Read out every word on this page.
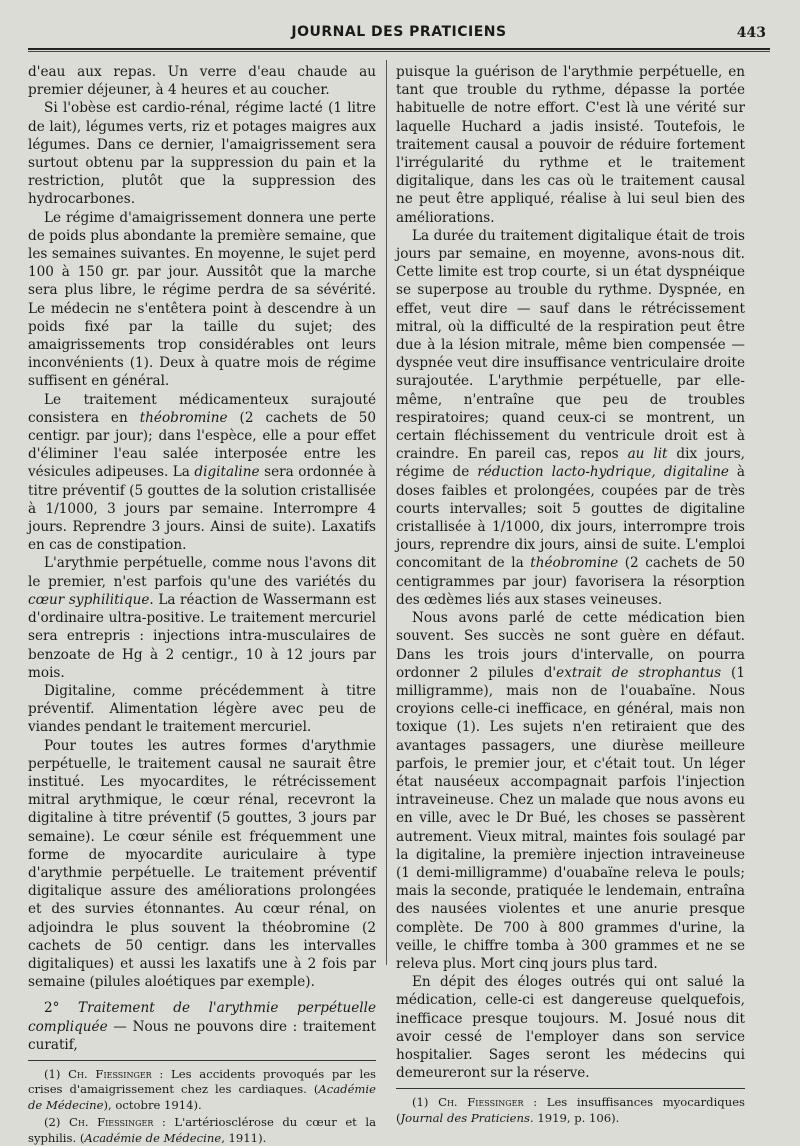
JOURNAL DES PRATICIENS	443

d'eau aux repas. Un verre d'eau chaude au premier déjeuner, à 4 heures et au coucher.

Si l'obèse est cardio-rénal, régime lacté (1 litre de lait), légumes verts, riz et potages maigres aux légumes. Dans ce dernier, l'amaigrissement sera surtout obtenu par la suppression du pain et la restriction, plutôt que la suppression des hydrocarbones.

Le régime d'amaigrissement donnera une perte de poids plus abondante la première semaine, que les semaines suivantes. En moyenne, le sujet perd 100 à 150 gr. par jour. Aussitôt que la marche sera plus libre, le régime perdra de sa sévérité. Le médecin ne s'entêtera point à descendre à un poids fixé par la taille du sujet; des amaigrissements trop considérables ont leurs inconvénients (1). Deux à quatre mois de régime suffisent en général.

Le traitement médicamenteux surajouté consistera en théobromine (2 cachets de 50 centigr. par jour); dans l'espèce, elle a pour effet d'éliminer l'eau salée interposée entre les vésicules adipeuses. La digitaline sera ordonnée à titre préventif (5 gouttes de la solution cristallisée à 1/1000, 3 jours par semaine. Interrompre 4 jours. Reprendre 3 jours. Ainsi de suite). Laxatifs en cas de constipation.

L'arythmie perpétuelle, comme nous l'avons dit le premier, n'est parfois qu'une des variétés du cœur syphilitique. La réaction de Wassermann est d'ordinaire ultra-positive. Le traitement mercuriel sera entrepris : injections intra-musculaires de benzoate de Hg à 2 centigr., 10 à 12 jours par mois.

Digitaline, comme précédemment à titre préventif. Alimentation légère avec peu de viandes pendant le traitement mercuriel.

Pour toutes les autres formes d'arythmie perpétuelle, le traitement causal ne saurait être institué. Les myocardites, le rétrécissement mitral arythmique, le cœur rénal, recevront la digitaline à titre préventif (5 gouttes, 3 jours par semaine). Le cœur sénile est fréquemment une forme de myocardite auriculaire à type d'arythmie perpétuelle. Le traitement préventif digitalique assure des améliorations prolongées et des survies étonnantes. Au cœur rénal, on adjoindra le plus souvent la théobromine (2 cachets de 50 centigr. dans les intervalles digitaliques) et aussi les laxatifs une à 2 fois par semaine (pilules aloétiques par exemple).

2° Traitement de l'arythmie perpétuelle compliquée — Nous ne pouvons dire : traitement curatif,

(1) Ch. Fiessinger : Les accidents provoqués par les crises d'amaigrissement chez les cardiaques. (Académie de Médecine), octobre 1914).

(2) Ch. Fiessinger : L'artériosclérose du cœur et la syphilis. (Académie de Médecine, 1911).

puisque la guérison de l'arythmie perpétuelle, en tant que trouble du rythme, dépasse la portée habituelle de notre effort. C'est là une vérité sur laquelle Huchard a jadis insisté. Toutefois, le traitement causal a pouvoir de réduire fortement l'irrégularité du rythme et le traitement digitalique, dans les cas où le traitement causal ne peut être appliqué, réalise à lui seul bien des améliorations.

La durée du traitement digitalique était de trois jours par semaine, en moyenne, avons-nous dit. Cette limite est trop courte, si un état dyspnéique se superpose au trouble du rythme. Dyspnée, en effet, veut dire — sauf dans le rétrécissement mitral, où la difficulté de la respiration peut être due à la lésion mitrale, même bien compensée — dyspnée veut dire insuffisance ventriculaire droite surajoutée. L'arythmie perpétuelle, par elle-même, n'entraîne que peu de troubles respiratoires; quand ceux-ci se montrent, un certain fléchissement du ventricule droit est à craindre. En pareil cas, repos au lit dix jours, régime de réduction lacto-hydrique, digitaline à doses faibles et prolongées, coupées par de très courts intervalles; soit 5 gouttes de digitaline cristallisée à 1/1000, dix jours, interrompre trois jours, reprendre dix jours, ainsi de suite. L'emploi concomitant de la théobromine (2 cachets de 50 centigrammes par jour) favorisera la résorption des œdèmes liés aux stases veineuses.

Nous avons parlé de cette médication bien souvent. Ses succès ne sont guère en défaut. Dans les trois jours d'intervalle, on pourra ordonner 2 pilules d'extrait de strophantus (1 milligramme), mais non de l'ouabaïne. Nous croyions celle-ci inefficace, en général, mais non toxique (1). Les sujets n'en retiraient que des avantages passagers, une diurèse meilleure parfois, le premier jour, et c'était tout. Un léger état nauséeux accompagnait parfois l'injection intraveineuse. Chez un malade que nous avons eu en ville, avec le Dr Bué, les choses se passèrent autrement. Vieux mitral, maintes fois soulagé par la digitaline, la première injection intraveineuse (1 demi-milligramme) d'ouabaïne releva le pouls; mais la seconde, pratiquée le lendemain, entraîna des nausées violentes et une anurie presque complète. De 700 à 800 grammes d'urine, la veille, le chiffre tomba à 300 grammes et ne se releva plus. Mort cinq jours plus tard.

En dépit des éloges outrés qui ont salué la médication, celle-ci est dangereuse quelquefois, inefficace presque toujours. M. Josué nous dit avoir cessé de l'employer dans son service hospitalier. Sages seront les médecins qui demeureront sur la réserve.

(1) Ch. Fiessinger : Les insuffisances myocardiques (Journal des Praticiens. 1919, p. 106).
